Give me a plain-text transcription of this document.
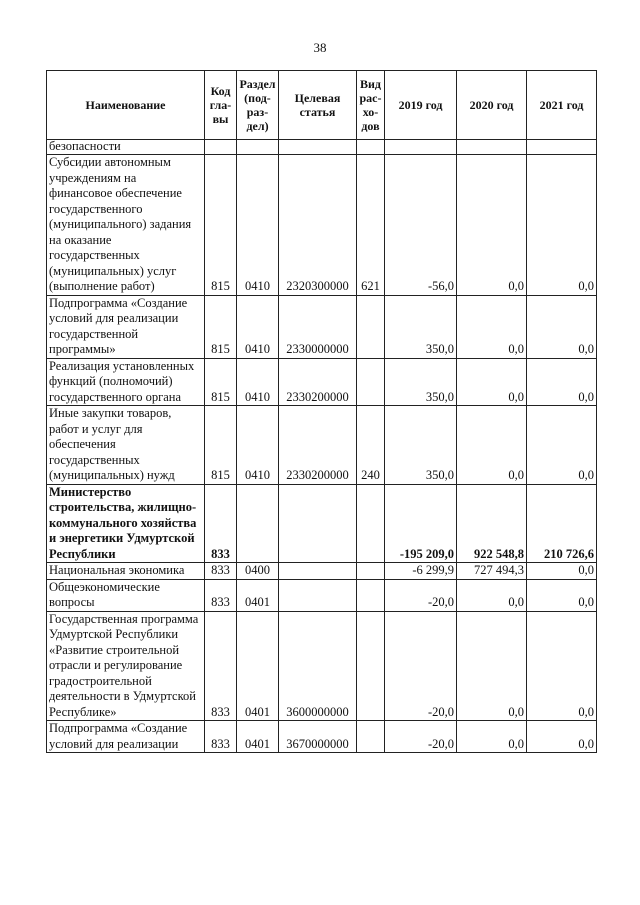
38
Наименование	Код
гла-
вы	Раздел
(под-
раз-
дел)	Целевая
статья	Вид
рас-
хо-
дов	2019 год	2020 год	2021 год
безопасности							
Субсидии автономным учреждениям на финансовое обеспечение государственного (муниципального) задания на оказание государственных (муниципальных) услуг (выполнение работ)	815	0410	2320300000	621	-56,0	0,0	0,0
Подпрограмма «Создание условий для реализации государственной программы»	815	0410	2330000000		350,0	0,0	0,0
Реализация установленных функций (полномочий) государственного органа	815	0410	2330200000		350,0	0,0	0,0
Иные закупки товаров, работ и услуг для обеспечения государственных (муниципальных) нужд	815	0410	2330200000	240	350,0	0,0	0,0
Министерство строительства, жилищно-коммунального хозяйства и энергетики Удмуртской Республики	833				-195 209,0	922 548,8	210 726,6
Национальная экономика	833	0400			-6 299,9	727 494,3	0,0
Общеэкономические вопросы	833	0401			-20,0	0,0	0,0
Государственная программа Удмуртской Республики «Развитие строительной отрасли и регулирование градостроительной деятельности в Удмуртской Республике»	833	0401	3600000000		-20,0	0,0	0,0
Подпрограмма «Создание условий для реализации	833	0401	3670000000		-20,0	0,0	0,0
